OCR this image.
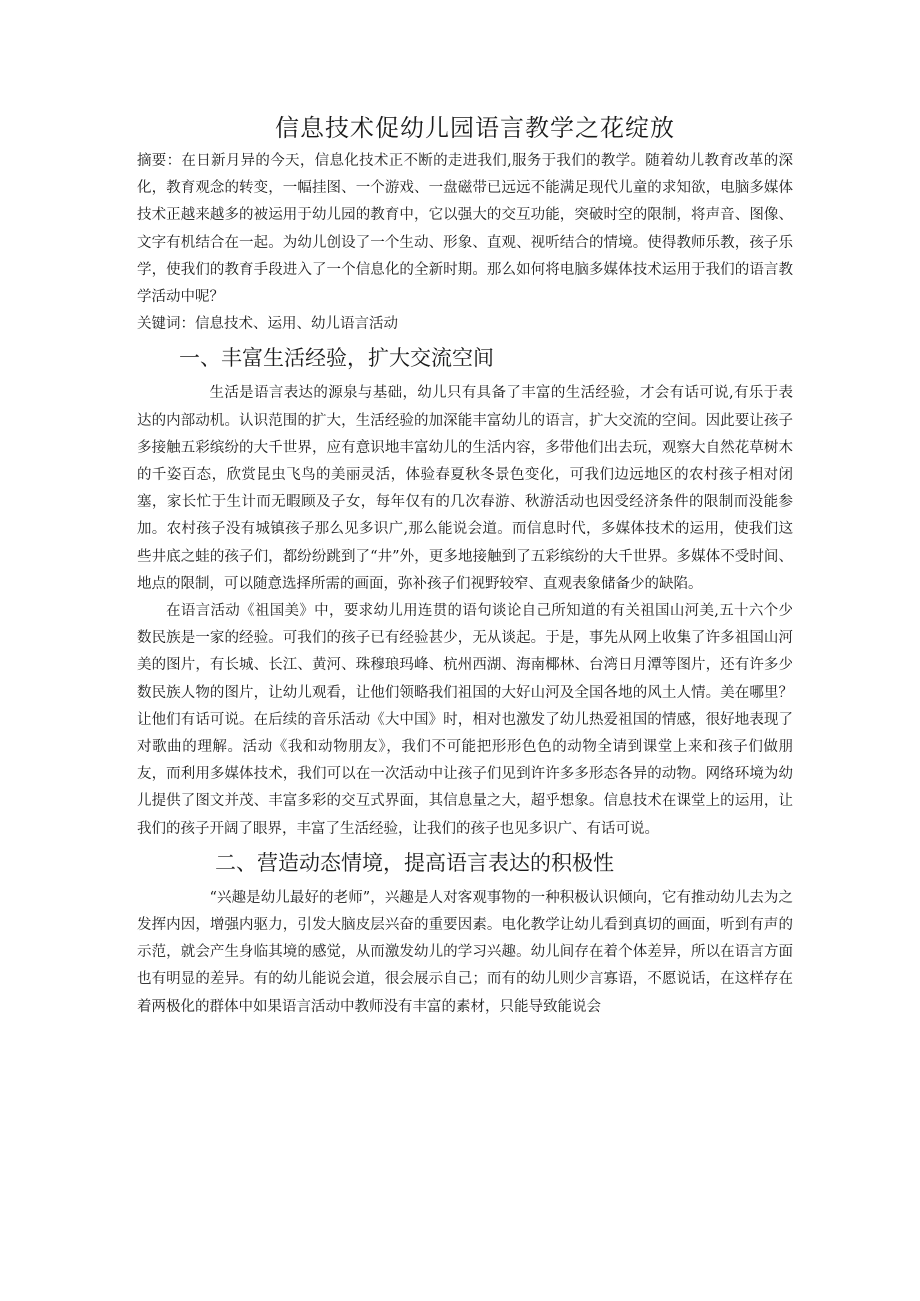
信息技术促幼儿园语言教学之花绽放

摘要：在日新月异的今天，信息化技术正不断的走进我们,服务于我们的教学。随着幼儿教育改革的深化，教育观念的转变，一幅挂图、一个游戏、一盘磁带已远远不能满足现代儿童的求知欲，电脑多媒体技术正越来越多的被运用于幼儿园的教育中，它以强大的交互功能，突破时空的限制，将声音、图像、文字有机结合在一起。为幼儿创设了一个生动、形象、直观、视听结合的情境。使得教师乐教，孩子乐学，使我们的教育手段进入了一个信息化的全新时期。那么如何将电脑多媒体技术运用于我们的语言教学活动中呢？

关键词：信息技术、运用、幼儿语言活动

一、丰富生活经验，扩大交流空间

生活是语言表达的源泉与基础，幼儿只有具备了丰富的生活经验，才会有话可说,有乐于表达的内部动机。认识范围的扩大，生活经验的加深能丰富幼儿的语言，扩大交流的空间。因此要让孩子多接触五彩缤纷的大千世界，应有意识地丰富幼儿的生活内容，多带他们出去玩，观察大自然花草树木的千姿百态，欣赏昆虫飞鸟的美丽灵活，体验春夏秋冬景色变化，可我们边远地区的农村孩子相对闭塞，家长忙于生计而无暇顾及子女，每年仅有的几次春游、秋游活动也因受经济条件的限制而没能参加。农村孩子没有城镇孩子那么见多识广,那么能说会道。而信息时代，多媒体技术的运用，使我们这些井底之蛙的孩子们，都纷纷跳到了“井”外，更多地接触到了五彩缤纷的大千世界。多媒体不受时间、地点的限制，可以随意选择所需的画面，弥补孩子们视野较窄、直观表象储备少的缺陷。

在语言活动《祖国美》中，要求幼儿用连贯的语句谈论自己所知道的有关祖国山河美,五十六个少数民族是一家的经验。可我们的孩子已有经验甚少，无从谈起。于是，事先从网上收集了许多祖国山河美的图片，有长城、长江、黄河、珠穆琅玛峰、杭州西湖、海南椰林、台湾日月潭等图片，还有许多少数民族人物的图片，让幼儿观看，让他们领略我们祖国的大好山河及全国各地的风土人情。美在哪里？让他们有话可说。在后续的音乐活动《大中国》时，相对也激发了幼儿热爱祖国的情感，很好地表现了对歌曲的理解。活动《我和动物朋友》，我们不可能把形形色色的动物全请到课堂上来和孩子们做朋友，而利用多媒体技术，我们可以在一次活动中让孩子们见到许许多多形态各异的动物。网络环境为幼儿提供了图文并茂、丰富多彩的交互式界面，其信息量之大，超乎想象。信息技术在课堂上的运用，让我们的孩子开阔了眼界，丰富了生活经验，让我们的孩子也见多识广、有话可说。

二、营造动态情境，提高语言表达的积极性

“兴趣是幼儿最好的老师”，兴趣是人对客观事物的一种积极认识倾向，它有推动幼儿去为之发挥内因，增强内驱力，引发大脑皮层兴奋的重要因素。电化教学让幼儿看到真切的画面，听到有声的示范，就会产生身临其境的感觉，从而激发幼儿的学习兴趣。幼儿间存在着个体差异，所以在语言方面也有明显的差异。有的幼儿能说会道，很会展示自己；而有的幼儿则少言寡语，不愿说话，在这样存在着两极化的群体中如果语言活动中教师没有丰富的素材，只能导致能说会
